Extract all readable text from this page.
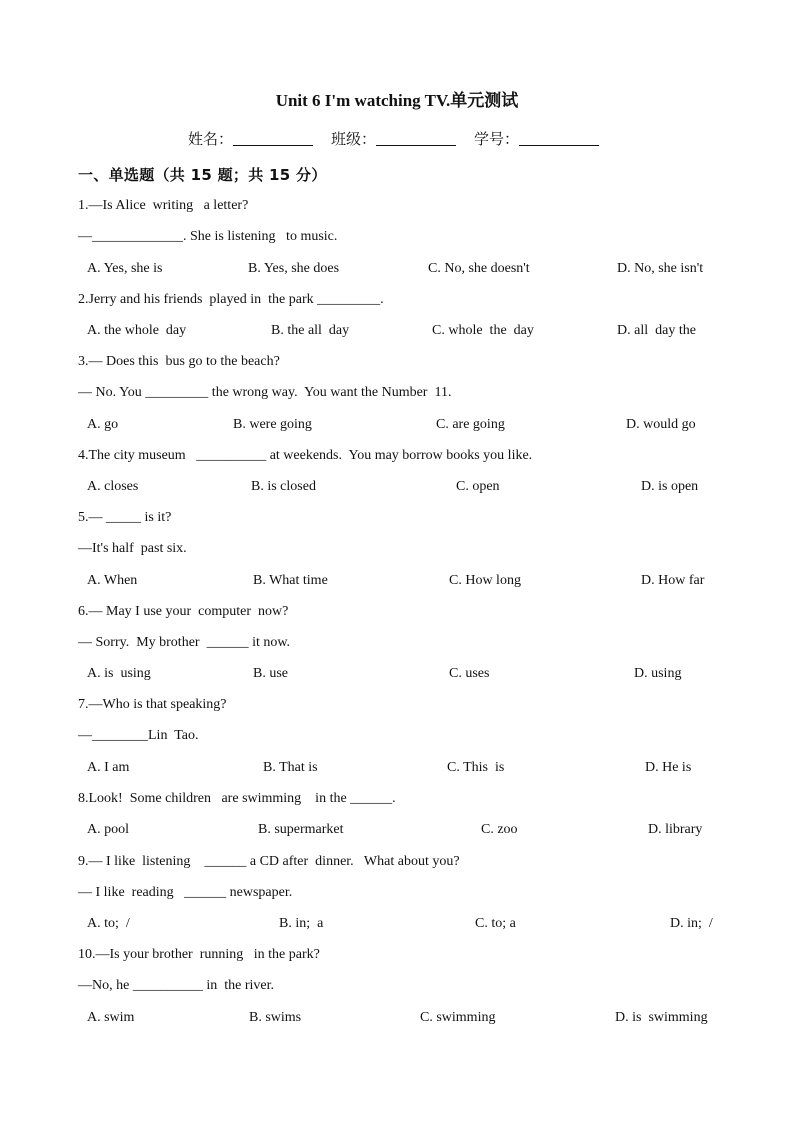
Unit 6 I'm watching TV.单元测试
姓名：	班级：	学号：
一、单选题（共 15 题；共 15 分）
1.—Is Alice  writing   a letter?
—_____________. She is listening   to music.
A. Yes, she is	B. Yes, she does	C. No, she doesn't	D. No, she isn't
2.Jerry and his friends  played in  the park _________.
A. the whole  day	B. the all  day	C. whole  the  day	D. all  day the
3.— Does this  bus go to the beach?
— No. You _________ the wrong way.  You want the Number  11.
A. go	B. were going	C. are going	D. would go
4.The city museum   __________ at weekends.  You may borrow books you like.
A. closes	B. is closed	C. open	D. is open
5.— _____ is it?
—It's half  past six.
A. When	B. What time	C. How long	D. How far
6.— May I use your  computer  now?
— Sorry.  My brother  ______ it now.
A. is  using	B. use	C. uses	D. using
7.—Who is that speaking?
—________Lin  Tao.
A. I am	B. That is	C. This  is	D. He is
8.Look!  Some children   are swimming    in the ______.
A. pool	B. supermarket	C. zoo	D. library
9.— I like  listening    ______ a CD after  dinner.   What about you?
— I like  reading   ______ newspaper.
A. to;  /	B. in;  a	C. to; a	D. in;  /
10.—Is your brother  running   in the park?
—No, he __________ in  the river.
A. swim	B. swims	C. swimming	D. is  swimming
